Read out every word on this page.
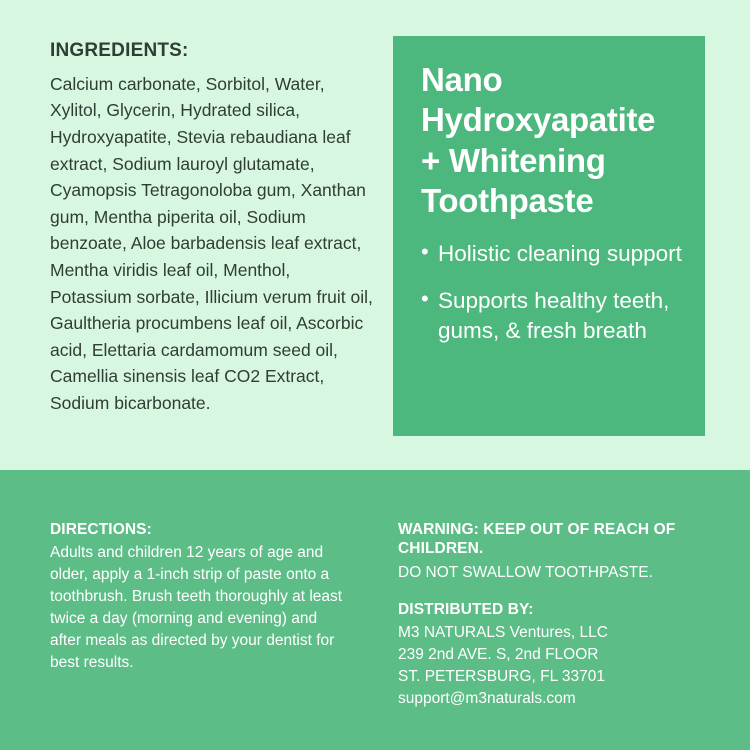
INGREDIENTS:
Calcium carbonate, Sorbitol, Water, Xylitol, Glycerin, Hydrated silica, Hydroxyapatite, Stevia rebaudiana leaf extract, Sodium lauroyl glutamate, Cyamopsis Tetragonoloba gum, Xanthan gum, Mentha piperita oil, Sodium benzoate, Aloe barbadensis leaf extract, Mentha viridis leaf oil, Menthol, Potassium sorbate, Illicium verum fruit oil, Gaultheria procumbens leaf oil, Ascorbic acid, Elettaria cardamomum seed oil, Camellia sinensis leaf CO2 Extract, Sodium bicarbonate.
Nano Hydroxyapatite + Whitening Toothpaste
• Holistic cleaning support
• Supports healthy teeth, gums, & fresh breath
DIRECTIONS:
Adults and children 12 years of age and older, apply a 1-inch strip of paste onto a toothbrush. Brush teeth thoroughly at least twice a day (morning and evening) and after meals as directed by your dentist for best results.
WARNING: KEEP OUT OF REACH OF CHILDREN.
DO NOT SWALLOW TOOTHPASTE.
DISTRIBUTED BY:
M3 NATURALS Ventures, LLC
239 2nd AVE. S, 2nd FLOOR
ST. PETERSBURG, FL 33701
support@m3naturals.com
